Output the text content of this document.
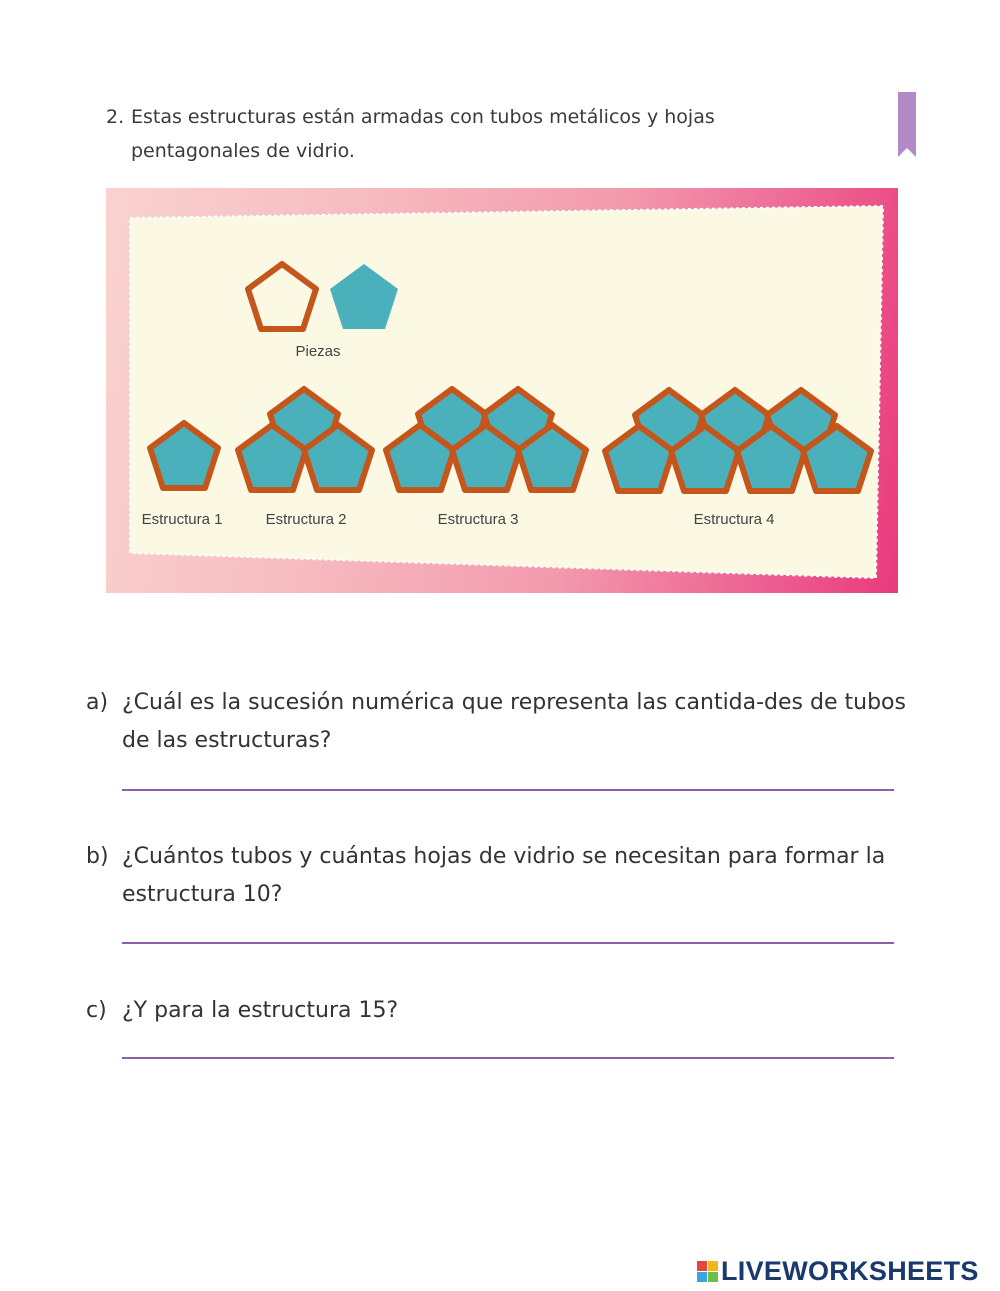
2. Estas estructuras están armadas con tubos metálicos y hojas
pentagonales de vidrio.
Piezas
Estructura 1	Estructura 2	Estructura 3	Estructura 4
a) ¿Cuál es la sucesión numérica que representa las cantida-des de tubos de las estructuras?
b) ¿Cuántos tubos y cuántas hojas de vidrio se necesitan para formar la estructura 10?
c) ¿Y para la estructura 15?
LIVEWORKSHEETS
